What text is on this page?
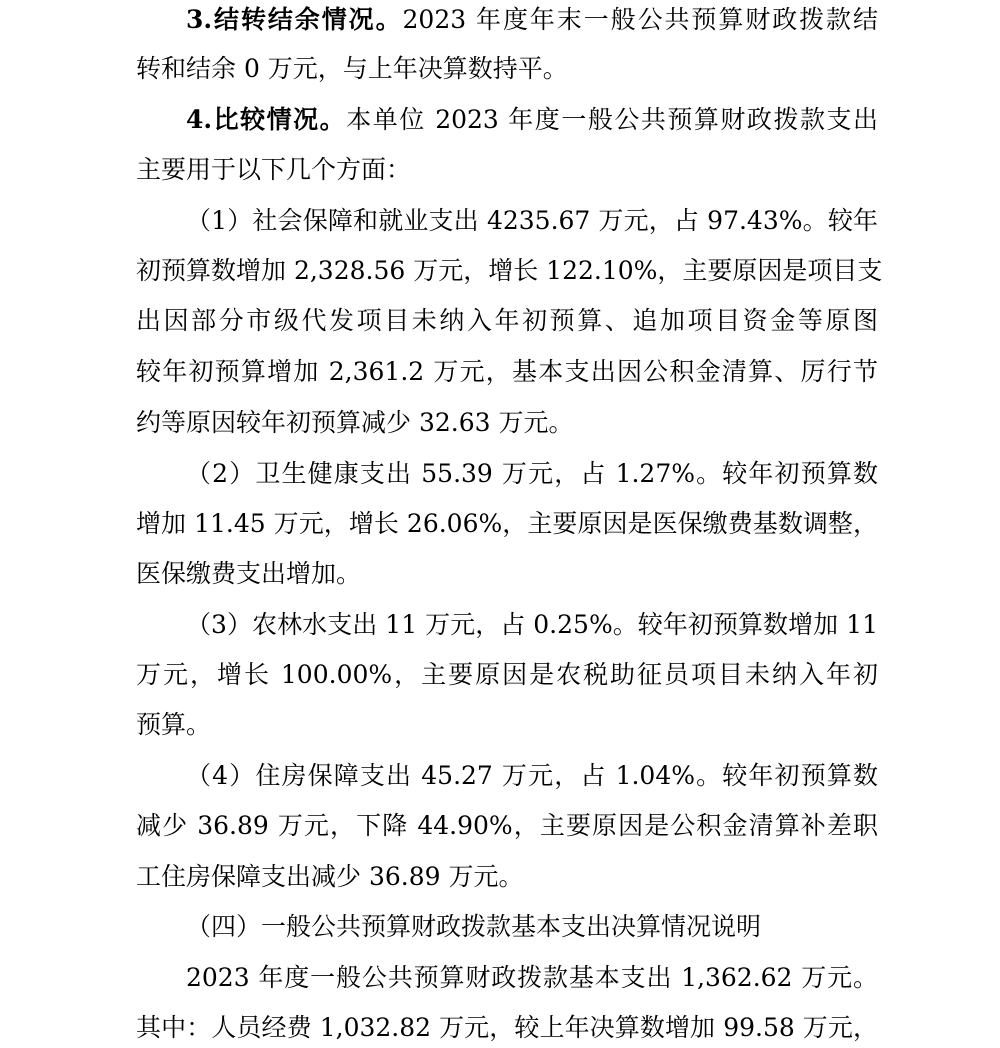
3.结转结余情况。2023 年度年末一般公共预算财政拨款结
转和结余 0 万元，与上年决算数持平。
4.比较情况。本单位 2023 年度一般公共预算财政拨款支出
主要用于以下几个方面：
（1）社会保障和就业支出 4235.67 万元，占 97.43%。较年
初预算数增加 2,328.56 万元，增长 122.10%，主要原因是项目支
出因部分市级代发项目未纳入年初预算、追加项目资金等原图
较年初预算增加 2,361.2 万元，基本支出因公积金清算、厉行节
约等原因较年初预算减少 32.63 万元。
（2）卫生健康支出 55.39 万元，占 1.27%。较年初预算数
增加 11.45 万元，增长 26.06%，主要原因是医保缴费基数调整，
医保缴费支出增加。
（3）农林水支出 11 万元，占 0.25%。较年初预算数增加 11
万元，增长 100.00%，主要原因是农税助征员项目未纳入年初
预算。
（4）住房保障支出 45.27 万元，占 1.04%。较年初预算数
减少 36.89 万元，下降 44.90%，主要原因是公积金清算补差职
工住房保障支出减少 36.89 万元。
（四）一般公共预算财政拨款基本支出决算情况说明
2023 年度一般公共预算财政拨款基本支出 1,362.62 万元。
其中：人员经费 1,032.82 万元，较上年决算数增加 99.58 万元，
